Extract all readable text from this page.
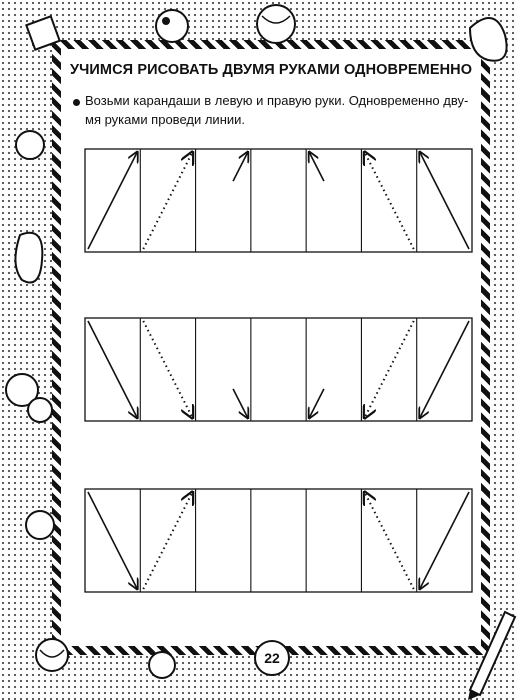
УЧИМСЯ РИСОВАТЬ ДВУМЯ РУКАМИ ОДНОВРЕМЕННО
Возьми карандаши в левую и правую руки. Одновременно дву-
мя руками проведи линии.
22
